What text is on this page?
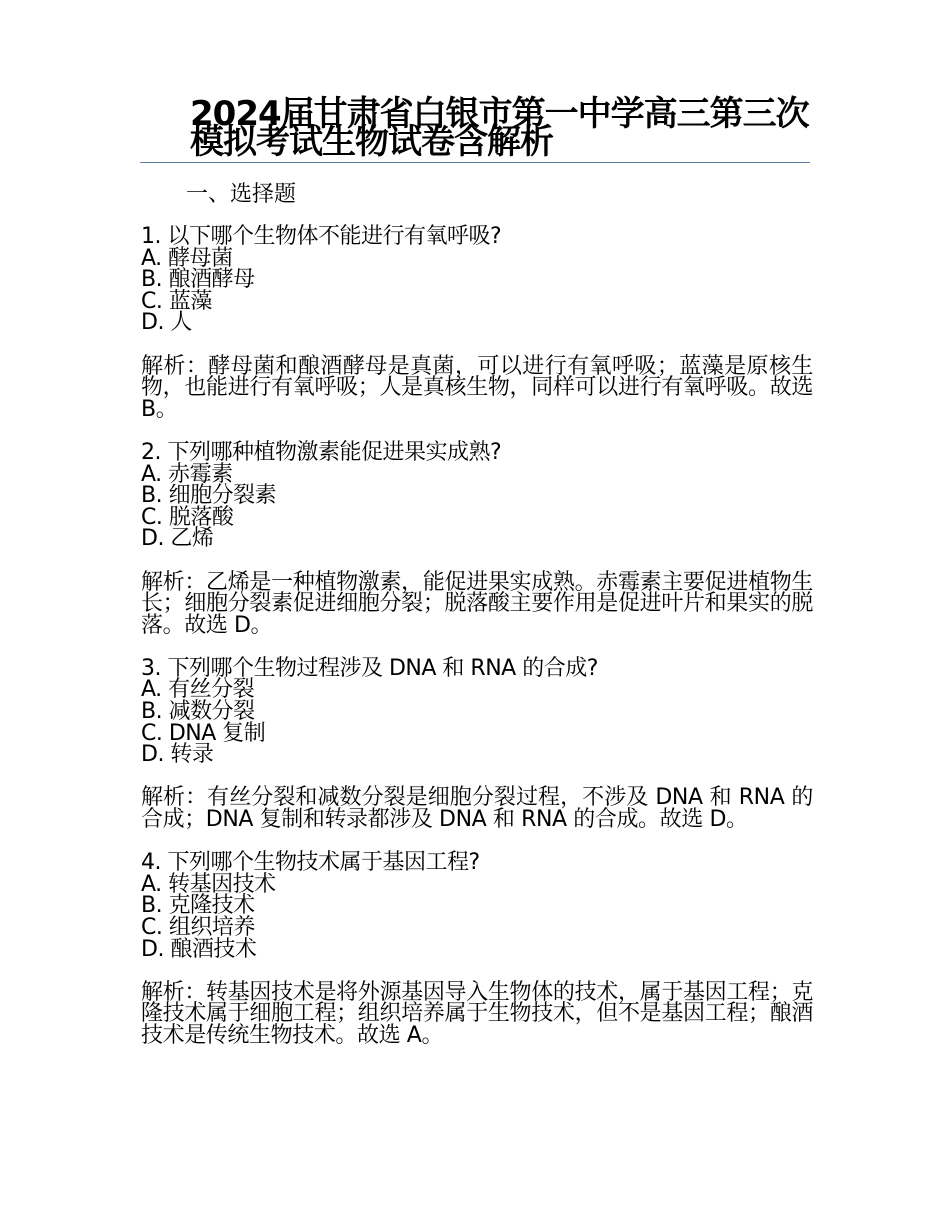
2024届甘肃省白银市第一中学高三第三次模拟考试生物试卷含解析
一、选择题

1. 以下哪个生物体不能进行有氧呼吸?

A. 酵母菌

B. 酿酒酵母

C. 蓝藻

D. 人

解析：酵母菌和酿酒酵母是真菌，可以进行有氧呼吸；蓝藻是原核生物，也能进行有氧呼吸；人是真核生物，同样可以进行有氧呼吸。故选 B。

2. 下列哪种植物激素能促进果实成熟?

A. 赤霉素

B. 细胞分裂素

C. 脱落酸

D. 乙烯

解析：乙烯是一种植物激素，能促进果实成熟。赤霉素主要促进植物生长；细胞分裂素促进细胞分裂；脱落酸主要作用是促进叶片和果实的脱落。故选 D。

3. 下列哪个生物过程涉及 DNA 和 RNA 的合成?

A. 有丝分裂

B. 减数分裂

C. DNA 复制

D. 转录

解析：有丝分裂和减数分裂是细胞分裂过程，不涉及 DNA 和 RNA 的合成；DNA 复制和转录都涉及 DNA 和 RNA 的合成。故选 D。

4. 下列哪个生物技术属于基因工程?

A. 转基因技术

B. 克隆技术

C. 组织培养

D. 酿酒技术

解析：转基因技术是将外源基因导入生物体的技术，属于基因工程；克隆技术属于细胞工程；组织培养属于生物技术，但不是基因工程；酿酒技术是传统生物技术。故选 A。
